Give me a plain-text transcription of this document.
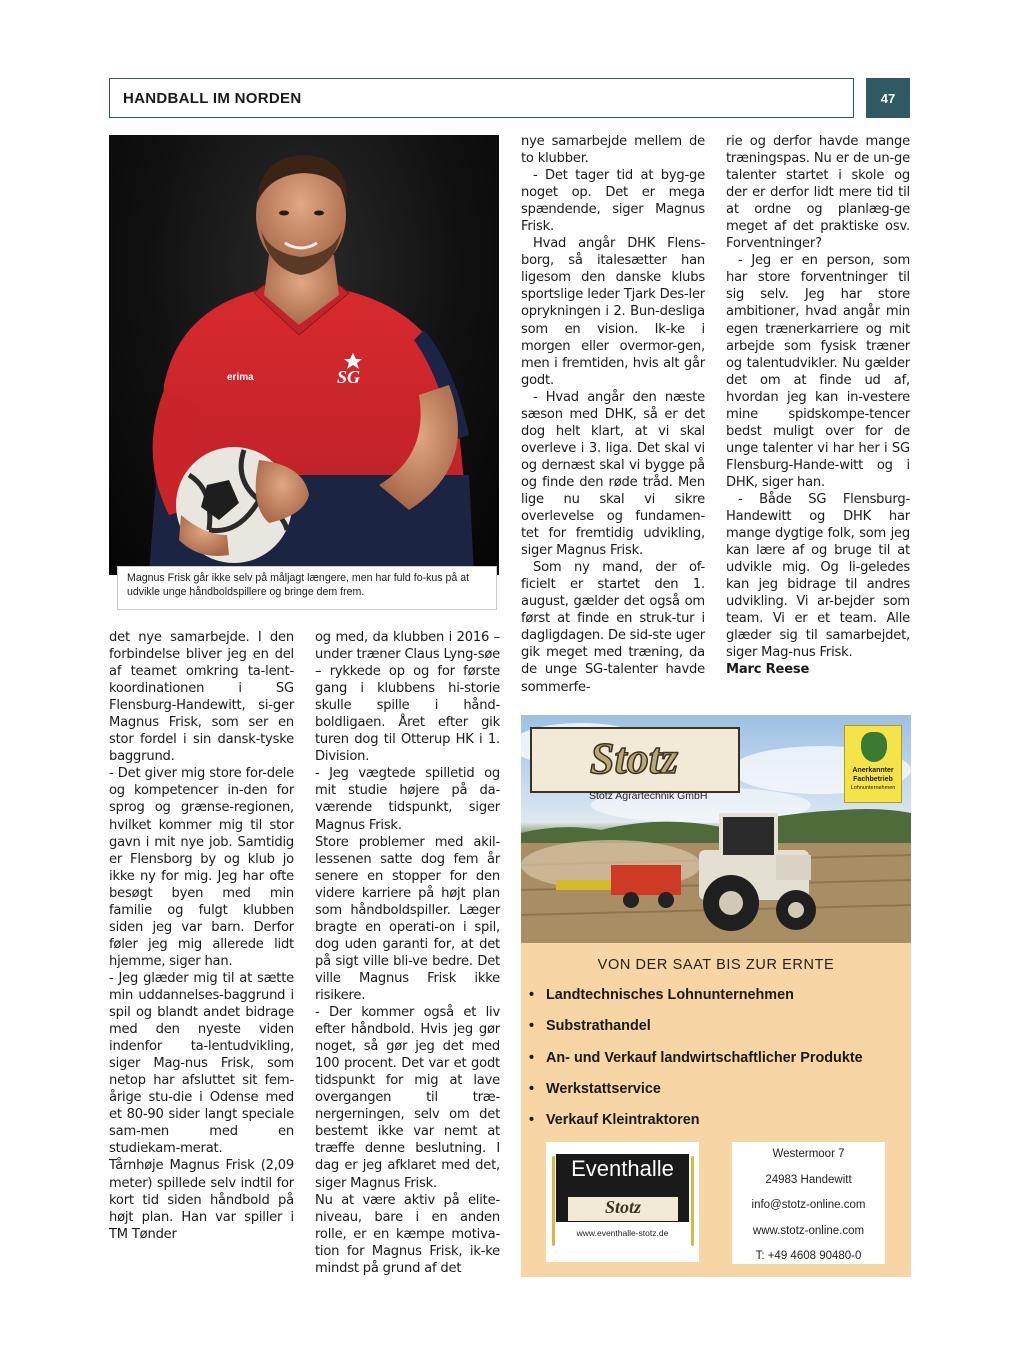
HANDBALL IM NORDEN	47
erima	SG
Magnus Frisk går ikke selv på måljagt længere, men har fuld fo-kus på at udvikle unge håndboldspillere og bringe dem frem.

det nye samarbejde. I den forbindelse bliver jeg en del af teamet omkring ta-lent-koordinationen i SG Flensburg-Handewitt, si-ger Magnus Frisk, som ser en stor fordel i sin dansk-tyske baggrund.

- Det giver mig store for-dele og kompetencer in-den for sprog og grænse-regionen, hvilket kommer mig til stor gavn i mit nye job. Samtidig er Flensborg by og klub jo ikke ny for mig. Jeg har ofte besøgt byen med min familie og fulgt klubben siden jeg var barn. Derfor føler jeg mig allerede lidt hjemme, siger han.

- Jeg glæder mig til at sætte min uddannelses-baggrund i spil og blandt andet bidrage med den nyeste viden indenfor ta-lentudvikling, siger Mag-nus Frisk, som netop har afsluttet sit fem-årige stu-die i Odense med et 80-90 sider langt speciale sam-men med en studiekam-merat.

Tårnhøje Magnus Frisk (2,09 meter) spillede selv indtil for kort tid siden håndbold på højt plan. Han var spiller i TM Tønder

og med, da klubben i 2016 – under træner Claus Lyng-søe – rykkede op og for første gang i klubbens hi-storie skulle spille i hånd-boldligaen. Året efter gik turen dog til Otterup HK i 1. Division.

- Jeg vægtede spilletid og mit studie højere på da-værende tidspunkt, siger Magnus Frisk.

Store problemer med akil-lessenen satte dog fem år senere en stopper for den videre karriere på højt plan som håndboldspiller. Læger bragte en operati-on i spil, dog uden garanti for, at det på sigt ville bli-ve bedre. Det ville Magnus Frisk ikke risikere.

- Der kommer også et liv efter håndbold. Hvis jeg gør noget, så gør jeg det med 100 procent. Det var et godt tidspunkt for mig at lave overgangen til træ-nergerningen, selv om det bestemt ikke var nemt at træffe denne beslutning. I dag er jeg afklaret med det, siger Magnus Frisk.

Nu at være aktiv på elite-niveau, bare i en anden rolle, er en kæmpe motiva-tion for Magnus Frisk, ik-ke mindst på grund af det

nye samarbejde mellem de to klubber.

- Det tager tid at byg-ge noget op. Det er mega spændende, siger Magnus Frisk.

Hvad angår DHK Flens-borg, så italesætter han ligesom den danske klubs sportslige leder Tjark Des-ler oprykningen i 2. Bun-desliga som en vision. Ik-ke i morgen eller overmor-gen, men i fremtiden, hvis alt går godt.

- Hvad angår den næste sæson med DHK, så er det dog helt klart, at vi skal overleve i 3. liga. Det skal vi og dernæst skal vi bygge på og finde den røde tråd. Men lige nu skal vi sikre overlevelse og fundamen-tet for fremtidig udvikling, siger Magnus Frisk.

Som ny mand, der of-ficielt er startet den 1. august, gælder det også om først at finde en struk-tur i dagligdagen. De sid-ste uger gik meget med træning, da de unge SG-talenter havde sommerfe-

rie og derfor havde mange træningspas. Nu er de un-ge talenter startet i skole og der er derfor lidt mere tid til at ordne og planlæg-ge meget af det praktiske osv. Forventninger?

- Jeg er en person, som har store forventninger til sig selv. Jeg har store ambitioner, hvad angår min egen trænerkarriere og mit arbejde som fysisk træner og talentudvikler. Nu gælder det om at finde ud af, hvordan jeg kan in-vestere mine spidskompe-tencer bedst muligt over for de unge talenter vi har her i SG Flensburg-Hande-witt og i DHK, siger han.

- Både SG Flensburg-Handewitt og DHK har mange dygtige folk, som jeg kan lære af og bruge til at udvikle mig. Og li-geledes kan jeg bidrage til andres udvikling. Vi ar-bejder som team. Vi er et team. Alle glæder sig til samarbejdet, siger Mag-nus Frisk.

Marc Reese

Stotz
Stotz Agrartechnik GmbH
Anerkannter
Fachbetrieb
Lohnunternehmen
VON DER SAAT BIS ZUR ERNTE
• Landtechnisches Lohnunternehmen
• Substrathandel
• An- und Verkauf landwirtschaftlicher Produkte
• Werkstattservice
• Verkauf Kleintraktoren
Eventhalle
Stotz
www.eventhalle-stotz.de
Westermoor 7
24983 Handewitt
info@stotz-online.com
www.stotz-online.com
T: +49 4608 90480-0
